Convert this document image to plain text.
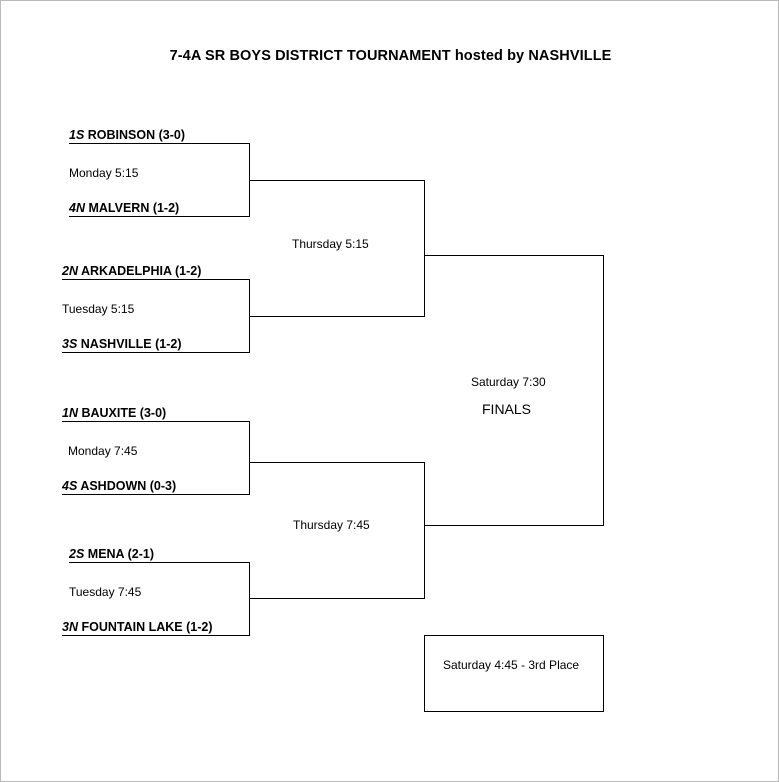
7-4A SR BOYS DISTRICT TOURNAMENT hosted by NASHVILLE
1S ROBINSON (3-0)
Monday 5:15
4N MALVERN (1-2)
2N ARKADELPHIA (1-2)
Tuesday 5:15
3S NASHVILLE (1-2)
Thursday 5:15
1N BAUXITE (3-0)
Monday 7:45
4S ASHDOWN (0-3)
2S MENA (2-1)
Tuesday 7:45
3N FOUNTAIN LAKE (1-2)
Thursday 7:45
Saturday 7:30
FINALS
Saturday 4:45 - 3rd Place
